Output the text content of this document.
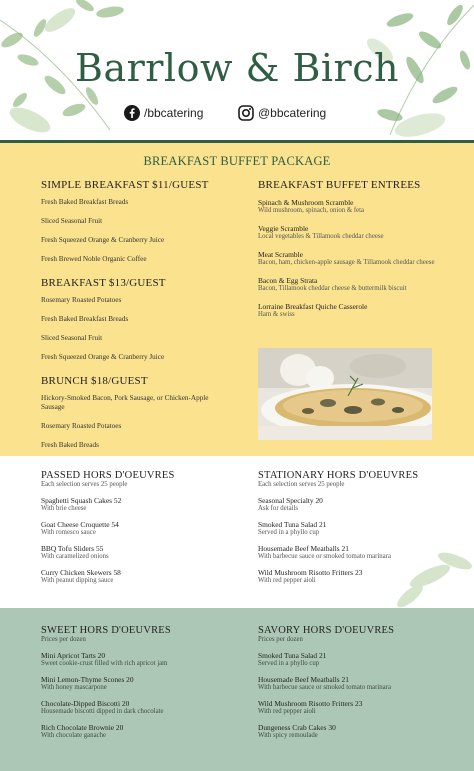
Barrlow & Birch
/bbcatering	@bbcatering
BREAKFAST BUFFET PACKAGE
SIMPLE BREAKFAST $11/GUEST
Fresh Baked Breakfast Breads
Sliced Seasonal Fruit
Fresh Squeezed Orange & Cranberry Juice
Fresh Brewed Noble Organic Coffee
BREAKFAST $13/GUEST
Rosemary Roasted Potatoes
Fresh Baked Breakfast Breads
Sliced Seasonal Fruit
Fresh Squeezed Orange & Cranberry Juice
BRUNCH $18/GUEST
Hickory-Smoked Bacon, Pork Sausage, or Chicken-Apple Sausage
Rosemary Roasted Potatoes
Fresh Baked Breads
BREAKFAST BUFFET ENTREES
Spinach & Mushroom Scramble
Wild mushroom, spinach, onion & feta
Veggie Scramble
Local vegetables & Tillamook cheddar cheese
Meat Scramble
Bacon, ham, chicken-apple sausage & Tillamook cheddar cheese
Bacon & Egg Strata
Bacon, Tillamook cheddar cheese & buttermilk biscuit
Lorraine Breakfast Quiche Casserole
Ham & swiss
PASSED HORS D'OEUVRES
Each selection serves 25 people
Spaghetti Squash Cakes 52
With brie cheese
Goat Cheese Croquette 54
With romesco sauce
BBQ Tofu Sliders 55
With caramelized onions
Curry Chicken Skewers 58
With peanut dipping sauce
STATIONARY HORS D'OEUVRES
Each selection serves 25 people
Seasonal Specialty 20
Ask for details
Smoked Tuna Salad 21
Served in a phyllo cup
Housemade Beef Meatballs 21
With barbecue sauce or smoked tomato marinara
Wild Mushroom Risotto Fritters 23
With red pepper aioli
SWEET HORS D'OEUVRES
Prices per dozen
Mini Apricot Tarts 20
Sweet cookie-crust filled with rich apricot jam
Mini Lemon-Thyme Scones 20
With honey mascarpone
Chocolate-Dipped Biscotti 20
Housemade biscotti dipped in dark chocolate
Rich Chocolate Brownie 20
With chocolate ganache
SAVORY HORS D'OEUVRES
Prices per dozen
Smoked Tuna Salad 21
Served in a phyllo cup
Housemade Beef Meatballs 21
With barbecue sauce or smoked tomato marinara
Wild Mushroom Risotto Fritters 23
With red pepper aioli
Dungeness Crab Cakes 30
With spicy remoulade
